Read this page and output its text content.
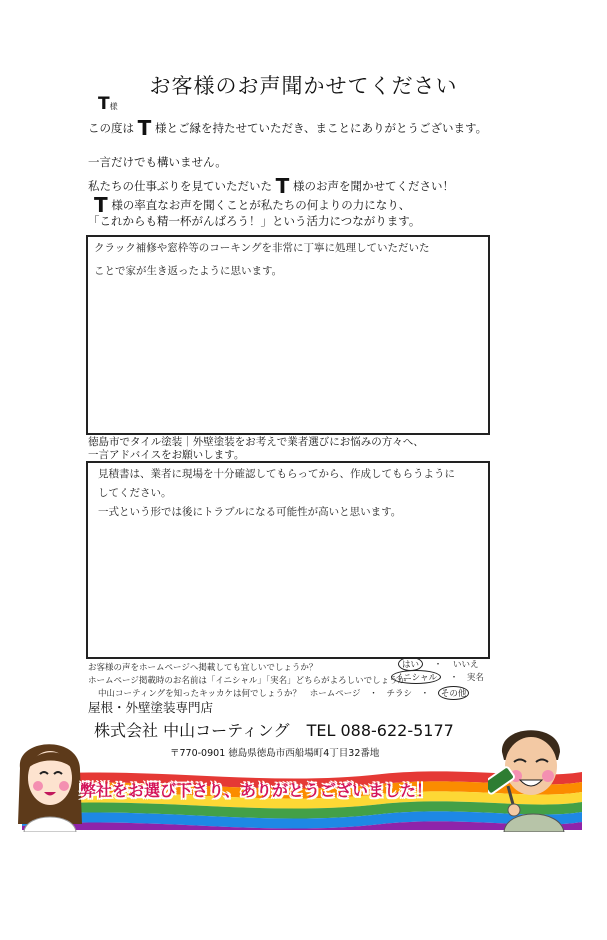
お客様のお声聞かせてください
T様
この度は T 様とご縁を持たせていただき、まことにありがとうございます。
一言だけでも構いません。
私たちの仕事ぶりを見ていただいた T 様のお声を聞かせてください！
T 様の率直なお声を聞くことが私たちの何よりの力になり、
「これからも精一杯がんばろう！」という活力につながります。
クラック補修や窓枠等のコーキングを非常に丁寧に処理していただいた
ことで家が生き返ったように思います。
徳島市でタイル塗装｜外壁塗装をお考えで業者選びにお悩みの方々へ、
一言アドバイスをお願いします。
見積書は、業者に現場を十分確認してもらってから、作成してもらうように
してください。
一式という形では後にトラブルになる可能性が高いと思います。
お客様の声をホームページへ掲載しても宜しいでしょうか？	はい ・ いいえ
ホームページ掲載時のお名前は「イニシャル」「実名」どちらがよろしいでしょうか
イニシャル ・ 実名
中山コーティングを知ったキッカケは何でしょうか？ ホームページ ・ チラシ ・ その他
屋根・外壁塗装専門店
株式会社 中山コーティング TEL 088-622-5177
〒770-0901 徳島県徳島市西船場町4丁目32番地
弊社をお選び下さり、ありがとうございました！
